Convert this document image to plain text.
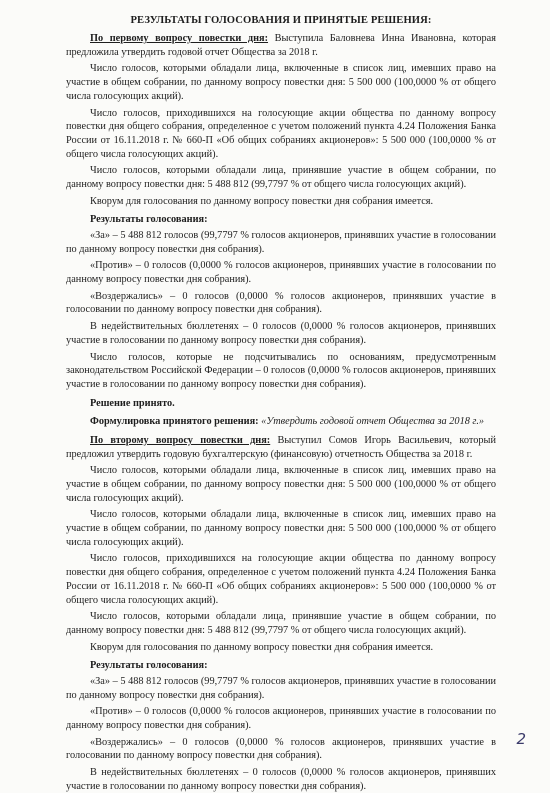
РЕЗУЛЬТАТЫ ГОЛОСОВАНИЯ И ПРИНЯТЫЕ РЕШЕНИЯ:

По первому вопросу повестки дня: Выступила Баловнева Инна Ивановна, которая предложила утвердить годовой отчет Общества за 2018 г.

Число голосов, которыми обладали лица, включенные в список лиц, имевших право на участие в общем собрании, по данному вопросу повестки дня: 5 500 000 (100,0000 % от общего числа голосующих акций).

Число голосов, приходившихся на голосующие акции общества по данному вопросу повестки дня общего собрания, определенное с учетом положений пункта 4.24 Положения Банка России от 16.11.2018 г. № 660-П «Об общих собраниях акционеров»: 5 500 000 (100,0000 % от общего числа голосующих акций).

Число голосов, которыми обладали лица, принявшие участие в общем собрании, по данному вопросу повестки дня: 5 488 812 (99,7797 % от общего числа голосующих акций).

Кворум для голосования по данному вопросу повестки дня собрания имеется.

Результаты голосования:

«За» – 5 488 812 голосов (99,7797 % голосов акционеров, принявших участие в голосовании по данному вопросу повестки дня собрания).

«Против» – 0 голосов (0,0000 % голосов акционеров, принявших участие в голосовании по данному вопросу повестки дня собрания).

«Воздержались» – 0 голосов (0,0000 % голосов акционеров, принявших участие в голосовании по данному вопросу повестки дня собрания).

В недействительных бюллетенях – 0 голосов (0,0000 % голосов акционеров, принявших участие в голосовании по данному вопросу повестки дня собрания).

Число голосов, которые не подсчитывались по основаниям, предусмотренным законодательством Российской Федерации – 0 голосов (0,0000 % голосов акционеров, принявших участие в голосовании по данному вопросу повестки дня собрания).

Решение принято.

Формулировка принятого решения: «Утвердить годовой отчет Общества за 2018 г.»

По второму вопросу повестки дня: Выступил Сомов Игорь Васильевич, который предложил утвердить годовую бухгалтерскую (финансовую) отчетность Общества за 2018 г.

Число голосов, которыми обладали лица, включенные в список лиц, имевших право на участие в общем собрании, по данному вопросу повестки дня: 5 500 000 (100,0000 % от общего числа голосующих акций).

Число голосов, которыми обладали лица, включенные в список лиц, имевших право на участие в общем собрании, по данному вопросу повестки дня: 5 500 000 (100,0000 % от общего числа голосующих акций).

Число голосов, приходившихся на голосующие акции общества по данному вопросу повестки дня общего собрания, определенное с учетом положений пункта 4.24 Положения Банка России от 16.11.2018 г. № 660-П «Об общих собраниях акционеров»: 5 500 000 (100,0000 % от общего числа голосующих акций).

Число голосов, которыми обладали лица, принявшие участие в общем собрании, по данному вопросу повестки дня: 5 488 812 (99,7797 % от общего числа голосующих акций).

Кворум для голосования по данному вопросу повестки дня собрания имеется.

Результаты голосования:

«За» – 5 488 812 голосов (99,7797 % голосов акционеров, принявших участие в голосовании по данному вопросу повестки дня собрания).

«Против» – 0 голосов (0,0000 % голосов акционеров, принявших участие в голосовании по данному вопросу повестки дня собрания).

«Воздержались» – 0 голосов (0,0000 % голосов акционеров, принявших участие в голосовании по данному вопросу повестки дня собрания).

В недействительных бюллетенях – 0 голосов (0,0000 % голосов акционеров, принявших участие в голосовании по данному вопросу повестки дня собрания).

2
